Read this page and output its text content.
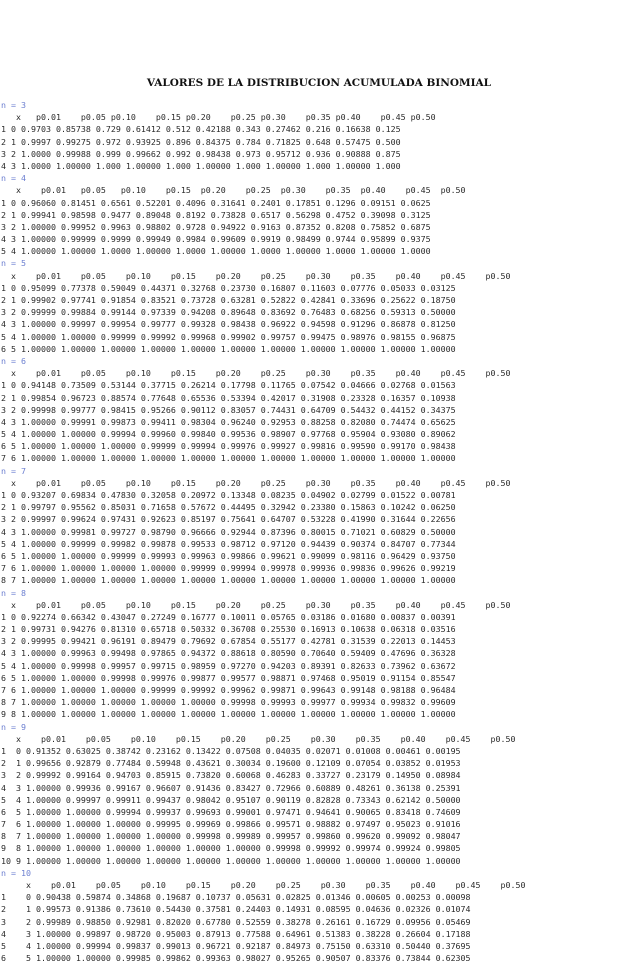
VALORES DE LA DISTRIBUCION ACUMULADA BINOMIAL
n = 3
x   p0.01    p0.05 p0.10    p0.15 p0.20    p0.25 p0.30    p0.35 p0.40    p0.45 p0.50
1 0 0.9703 0.85738 0.729 0.61412 0.512 0.42188 0.343 0.27462 0.216 0.16638 0.125
2 1 0.9997 0.99275 0.972 0.93925 0.896 0.84375 0.784 0.71825 0.648 0.57475 0.500
3 2 1.0000 0.99988 0.999 0.99662 0.992 0.98438 0.973 0.95712 0.936 0.90888 0.875
4 3 1.0000 1.00000 1.000 1.00000 1.000 1.00000 1.000 1.00000 1.000 1.00000 1.000
n = 4
x    p0.01   p0.05   p0.10    p0.15  p0.20    p0.25  p0.30    p0.35  p0.40    p0.45  p0.50
1 0 0.96060 0.81451 0.6561 0.52201 0.4096 0.31641 0.2401 0.17851 0.1296 0.09151 0.0625
2 1 0.99941 0.98598 0.9477 0.89048 0.8192 0.73828 0.6517 0.56298 0.4752 0.39098 0.3125
3 2 1.00000 0.99952 0.9963 0.98802 0.9728 0.94922 0.9163 0.87352 0.8208 0.75852 0.6875
4 3 1.00000 0.99999 0.9999 0.99949 0.9984 0.99609 0.9919 0.98499 0.9744 0.95899 0.9375
5 4 1.00000 1.00000 1.0000 1.00000 1.0000 1.00000 1.0000 1.00000 1.0000 1.00000 1.0000
n = 5
x    p0.01    p0.05    p0.10    p0.15    p0.20    p0.25    p0.30    p0.35    p0.40    p0.45    p0.50
1 0 0.95099 0.77378 0.59049 0.44371 0.32768 0.23730 0.16807 0.11603 0.07776 0.05033 0.03125
2 1 0.99902 0.97741 0.91854 0.83521 0.73728 0.63281 0.52822 0.42841 0.33696 0.25622 0.18750
3 2 0.99999 0.99884 0.99144 0.97339 0.94208 0.89648 0.83692 0.76483 0.68256 0.59313 0.50000
4 3 1.00000 0.99997 0.99954 0.99777 0.99328 0.98438 0.96922 0.94598 0.91296 0.86878 0.81250
5 4 1.00000 1.00000 0.99999 0.99992 0.99968 0.99902 0.99757 0.99475 0.98976 0.98155 0.96875
6 5 1.00000 1.00000 1.00000 1.00000 1.00000 1.00000 1.00000 1.00000 1.00000 1.00000 1.00000
n = 6
x    p0.01    p0.05    p0.10    p0.15    p0.20    p0.25    p0.30    p0.35    p0.40    p0.45    p0.50
1 0 0.94148 0.73509 0.53144 0.37715 0.26214 0.17798 0.11765 0.07542 0.04666 0.02768 0.01563
2 1 0.99854 0.96723 0.88574 0.77648 0.65536 0.53394 0.42017 0.31908 0.23328 0.16357 0.10938
3 2 0.99998 0.99777 0.98415 0.95266 0.90112 0.83057 0.74431 0.64709 0.54432 0.44152 0.34375
4 3 1.00000 0.99991 0.99873 0.99411 0.98304 0.96240 0.92953 0.88258 0.82080 0.74474 0.65625
5 4 1.00000 1.00000 0.99994 0.99960 0.99840 0.99536 0.98907 0.97768 0.95904 0.93080 0.89062
6 5 1.00000 1.00000 1.00000 0.99999 0.99994 0.99976 0.99927 0.99816 0.99590 0.99170 0.98438
7 6 1.00000 1.00000 1.00000 1.00000 1.00000 1.00000 1.00000 1.00000 1.00000 1.00000 1.00000
n = 7
x    p0.01    p0.05    p0.10    p0.15    p0.20    p0.25    p0.30    p0.35    p0.40    p0.45    p0.50
1 0 0.93207 0.69834 0.47830 0.32058 0.20972 0.13348 0.08235 0.04902 0.02799 0.01522 0.00781
2 1 0.99797 0.95562 0.85031 0.71658 0.57672 0.44495 0.32942 0.23380 0.15863 0.10242 0.06250
3 2 0.99997 0.99624 0.97431 0.92623 0.85197 0.75641 0.64707 0.53228 0.41990 0.31644 0.22656
4 3 1.00000 0.99981 0.99727 0.98790 0.96666 0.92944 0.87396 0.80015 0.71021 0.60829 0.50000
5 4 1.00000 0.99999 0.99982 0.99878 0.99533 0.98712 0.97120 0.94439 0.90374 0.84707 0.77344
6 5 1.00000 1.00000 0.99999 0.99993 0.99963 0.99866 0.99621 0.99099 0.98116 0.96429 0.93750
7 6 1.00000 1.00000 1.00000 1.00000 0.99999 0.99994 0.99978 0.99936 0.99836 0.99626 0.99219
8 7 1.00000 1.00000 1.00000 1.00000 1.00000 1.00000 1.00000 1.00000 1.00000 1.00000 1.00000
n = 8
x    p0.01    p0.05    p0.10    p0.15    p0.20    p0.25    p0.30    p0.35    p0.40    p0.45    p0.50
1 0 0.92274 0.66342 0.43047 0.27249 0.16777 0.10011 0.05765 0.03186 0.01680 0.00837 0.00391
2 1 0.99731 0.94276 0.81310 0.65718 0.50332 0.36708 0.25530 0.16913 0.10638 0.06318 0.03516
3 2 0.99995 0.99421 0.96191 0.89479 0.79692 0.67854 0.55177 0.42781 0.31539 0.22013 0.14453
4 3 1.00000 0.99963 0.99498 0.97865 0.94372 0.88618 0.80590 0.70640 0.59409 0.47696 0.36328
5 4 1.00000 0.99998 0.99957 0.99715 0.98959 0.97270 0.94203 0.89391 0.82633 0.73962 0.63672
6 5 1.00000 1.00000 0.99998 0.99976 0.99877 0.99577 0.98871 0.97468 0.95019 0.91154 0.85547
7 6 1.00000 1.00000 1.00000 0.99999 0.99992 0.99962 0.99871 0.99643 0.99148 0.98188 0.96484
8 7 1.00000 1.00000 1.00000 1.00000 1.00000 0.99998 0.99993 0.99977 0.99934 0.99832 0.99609
9 8 1.00000 1.00000 1.00000 1.00000 1.00000 1.00000 1.00000 1.00000 1.00000 1.00000 1.00000
n = 9
x    p0.01    p0.05    p0.10    p0.15    p0.20    p0.25    p0.30    p0.35    p0.40    p0.45    p0.50
1  0 0.91352 0.63025 0.38742 0.23162 0.13422 0.07508 0.04035 0.02071 0.01008 0.00461 0.00195
2  1 0.99656 0.92879 0.77484 0.59948 0.43621 0.30034 0.19600 0.12109 0.07054 0.03852 0.01953
3  2 0.99992 0.99164 0.94703 0.85915 0.73820 0.60068 0.46283 0.33727 0.23179 0.14950 0.08984
4  3 1.00000 0.99936 0.99167 0.96607 0.91436 0.83427 0.72966 0.60889 0.48261 0.36138 0.25391
5  4 1.00000 0.99997 0.99911 0.99437 0.98042 0.95107 0.90119 0.82828 0.73343 0.62142 0.50000
6  5 1.00000 1.00000 0.99994 0.99937 0.99693 0.99001 0.97471 0.94641 0.90065 0.83418 0.74609
7  6 1.00000 1.00000 1.00000 0.99995 0.99969 0.99866 0.99571 0.98882 0.97497 0.95023 0.91016
8  7 1.00000 1.00000 1.00000 1.00000 0.99998 0.99989 0.99957 0.99860 0.99620 0.99092 0.98047
9  8 1.00000 1.00000 1.00000 1.00000 1.00000 1.00000 0.99998 0.99992 0.99974 0.99924 0.99805
10 9 1.00000 1.00000 1.00000 1.00000 1.00000 1.00000 1.00000 1.00000 1.00000 1.00000 1.00000
n = 10
x    p0.01    p0.05    p0.10    p0.15    p0.20    p0.25    p0.30    p0.35    p0.40    p0.45    p0.50
1    0 0.90438 0.59874 0.34868 0.19687 0.10737 0.05631 0.02825 0.01346 0.00605 0.00253 0.00098
2    1 0.99573 0.91386 0.73610 0.54430 0.37581 0.24403 0.14931 0.08595 0.04636 0.02326 0.01074
3    2 0.99989 0.98850 0.92981 0.82020 0.67780 0.52559 0.38278 0.26161 0.16729 0.09956 0.05469
4    3 1.00000 0.99897 0.98720 0.95003 0.87913 0.77588 0.64961 0.51383 0.38228 0.26604 0.17188
5    4 1.00000 0.99994 0.99837 0.99013 0.96721 0.92187 0.84973 0.75150 0.63310 0.50440 0.37695
6    5 1.00000 1.00000 0.99985 0.99862 0.99363 0.98027 0.95265 0.90507 0.83376 0.73844 0.62305
